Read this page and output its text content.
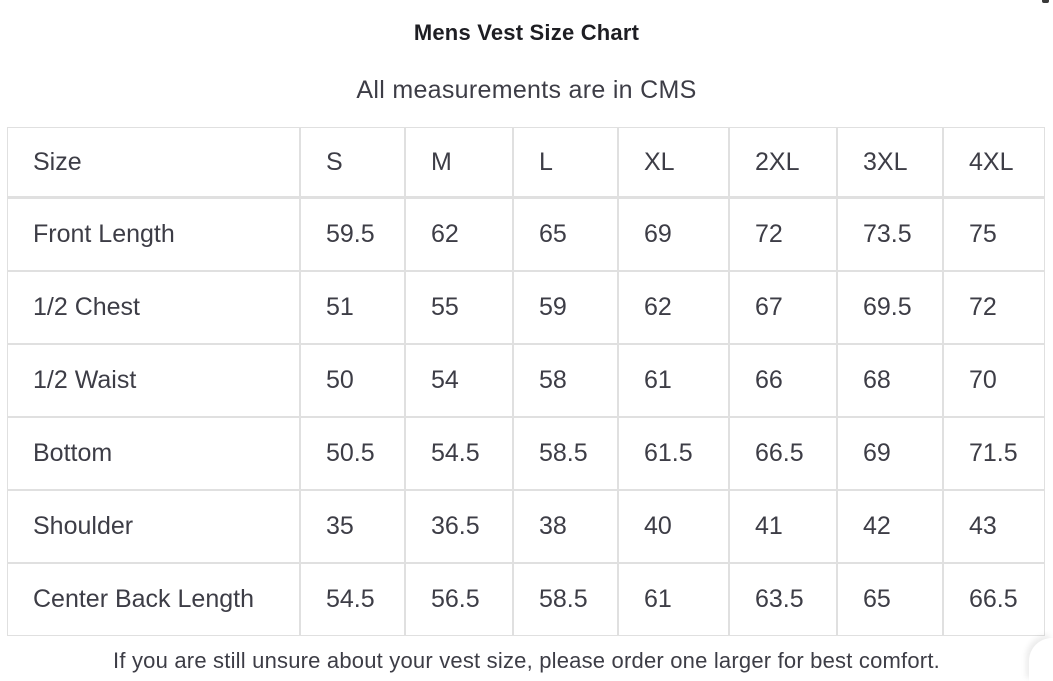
Mens Vest Size Chart
All measurements are in CMS
Size	S	M	L	XL	2XL	3XL	4XL
Front Length	59.5	62	65	69	72	73.5	75
1/2 Chest	51	55	59	62	67	69.5	72
1/2 Waist	50	54	58	61	66	68	70
Bottom	50.5	54.5	58.5	61.5	66.5	69	71.5
Shoulder	35	36.5	38	40	41	42	43
Center Back Length	54.5	56.5	58.5	61	63.5	65	66.5
If you are still unsure about your vest size, please order one larger for best comfort.
